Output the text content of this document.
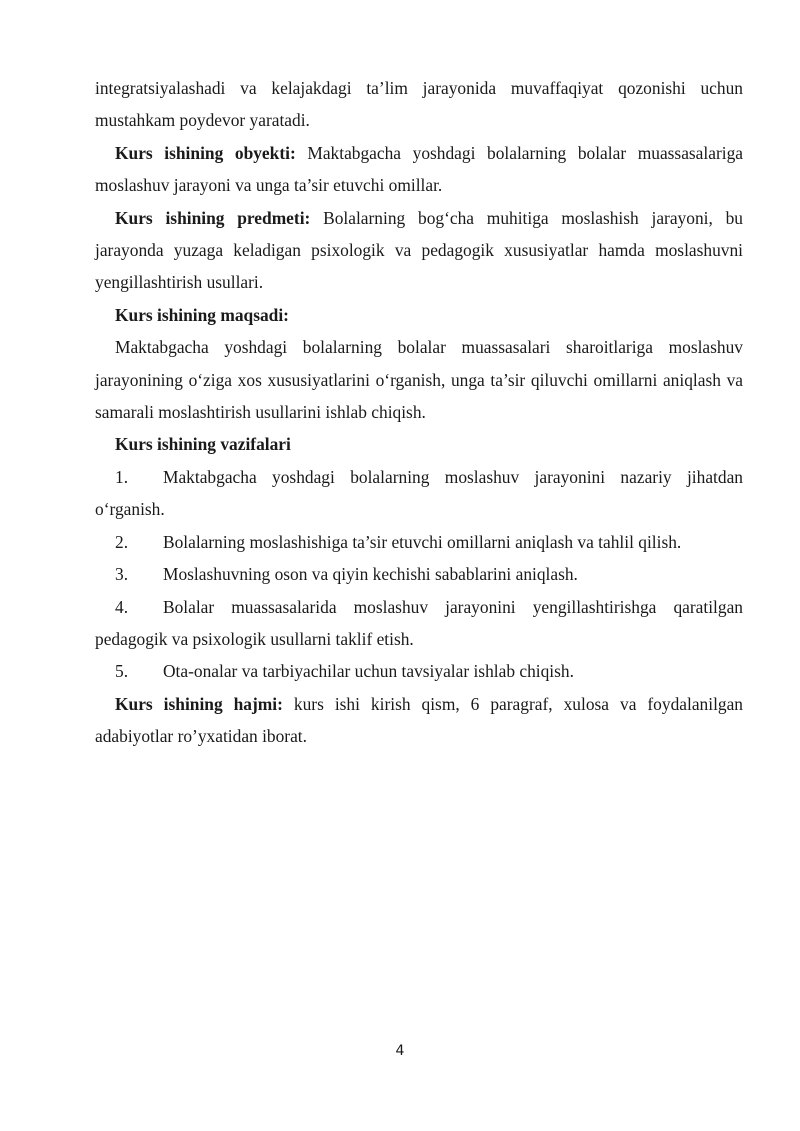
integratsiyalashadi va kelajakdagi ta’lim jarayonida muvaffaqiyat qozonishi uchun mustahkam poydevor yaratadi.

Kurs ishining obyekti: Maktabgacha yoshdagi bolalarning bolalar muassasalariga moslashuv jarayoni va unga ta’sir etuvchi omillar.

Kurs ishining predmeti: Bolalarning bog‘cha muhitiga moslashish jarayoni, bu jarayonda yuzaga keladigan psixologik va pedagogik xususiyatlar hamda moslashuvni yengillashtirish usullari.

Kurs ishining maqsadi:

Maktabgacha yoshdagi bolalarning bolalar muassasalari sharoitlariga moslashuv jarayonining o‘ziga xos xususiyatlarini o‘rganish, unga ta’sir qiluvchi omillarni aniqlash va samarali moslashtirish usullarini ishlab chiqish.

Kurs ishining vazifalari

1. Maktabgacha yoshdagi bolalarning moslashuv jarayonini nazariy jihatdan o‘rganish.

2. Bolalarning moslashishiga ta’sir etuvchi omillarni aniqlash va tahlil qilish.

3. Moslashuvning oson va qiyin kechishi sabablarini aniqlash.

4. Bolalar muassasalarida moslashuv jarayonini yengillashtirishga qaratilgan pedagogik va psixologik usullarni taklif etish.

5. Ota-onalar va tarbiyachilar uchun tavsiyalar ishlab chiqish.

Kurs ishining hajmi: kurs ishi kirish qism, 6 paragraf, xulosa va foydalanilgan adabiyotlar ro’yxatidan iborat.

4
